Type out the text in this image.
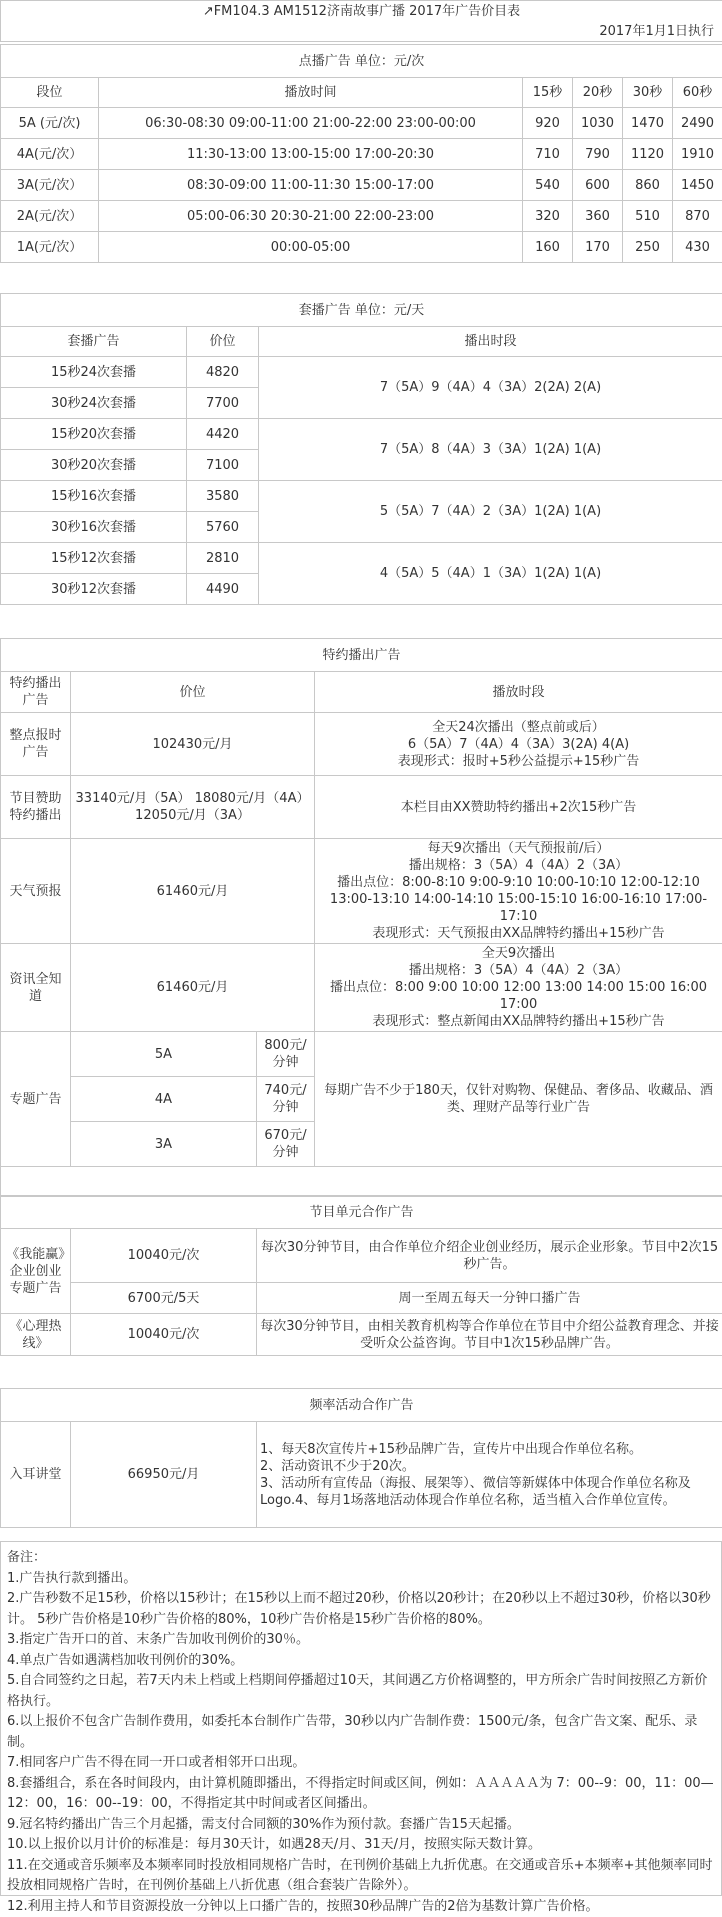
↗FM104.3 AM1512济南故事广播 2017年广告价目表
2017年1月1日执行
点播广告 单位：元/次					
段位	播放时间	15秒	20秒	30秒	60秒
5A (元/次)	06:30-08:30 09:00-11:00 21:00-22:00 23:00-00:00	920	1030	1470	2490
4A(元/次）	11:30-13:00 13:00-15:00 17:00-20:30	710	790	1120	1910
3A(元/次）	08:30-09:00 11:00-11:30 15:00-17:00	540	600	860	1450
2A(元/次）	05:00-06:30 20:30-21:00 22:00-23:00	320	360	510	870
1A(元/次）	00:00-05:00	160	170	250	430
套播广告 单位：元/天		
套播广告	价位	播出时段
15秒24次套播	4820	7（5A）9（4A）4（3A）2(2A) 2(A)
30秒24次套播	7700	
15秒20次套播	4420	7（5A）8（4A）3（3A）1(2A) 1(A)
30秒20次套播	7100	
15秒16次套播	3580	5（5A）7（4A）2（3A）1(2A) 1(A)
30秒16次套播	5760	
15秒12次套播	2810	4（5A）5（4A）1（3A）1(2A) 1(A)
30秒12次套播	4490	
特约播出广告			
特约播出广告	价位		播放时段
整点报时广告	102430元/月		全天24次播出（整点前或后）
6（5A）7（4A）4（3A）3(2A) 4(A)
表现形式：报时+5秒公益提示+15秒广告

节目赞助特约播出	33140元/月（5A） 18080元/月（4A）12050元/月（3A）		本栏目由XX赞助特约播出+2次15秒广告
天气预报	61460元/月		每天9次播出（天气预报前/后）
播出规格：3（5A）4（4A）2（3A）
播出点位：8:00-8:10 9:00-9:10 10:00-10:10 12:00-12:10 13:00-13:10 14:00-14:10 15:00-15:10 16:00-16:10 17:00-17:10
表现形式：天气预报由XX品牌特约播出+15秒广告

资讯全知道	61460元/月		全天9次播出
播出规格：3（5A）4（4A）2（3A）
播出点位：8:00 9:00 10:00 12:00 13:00 14:00 15:00 16:00 17:00
表现形式：整点新闻由XX品牌特约播出+15秒广告

专题广告	5A	800元/分钟	每期广告不少于180天，仅针对购物、保健品、奢侈品、收藏品、酒类、理财产品等行业广告
	4A	740元/分钟	
	3A	670元/分钟	

节目单元合作广告		
《我能赢》企业创业专题广告	10040元/次	每次30分钟节目，由合作单位介绍企业创业经历，展示企业形象。节目中2次15秒广告。
	6700元/5天	周一至周五每天一分钟口播广告
《心理热线》	10040元/次	每次30分钟节目，由相关教育机构等合作单位在节目中介绍公益教育理念、并接受听众公益咨询。节目中1次15秒品牌广告。
频率活动合作广告
入耳讲堂	66950元/月	1、每天8次宣传片+15秒品牌广告，宣传片中出现合作单位名称。
2、活动资讯不少于20次。
3、活动所有宣传品（海报、展架等）、微信等新媒体中体现合作单位名称及Logo.4、每月1场落地活动体现合作单位名称，适当植入合作单位宣传。
备注：
1.广告执行款到播出。
2.广告秒数不足15秒，价格以15秒计；在15秒以上而不超过20秒，价格以20秒计；在20秒以上不超过30秒，价格以30秒计。 5秒广告价格是10秒广告价格的80%，10秒广告价格是15秒广告价格的80%。
3.指定广告开口的首、末条广告加收刊例价的30％。
4.单点广告如遇满档加收刊例价的30%。
5.自合同签约之日起，若7天内未上档或上档期间停播超过10天，其间遇乙方价格调整的，甲方所余广告时间按照乙方新价格执行。
6.以上报价不包含广告制作费用，如委托本台制作广告带，30秒以内广告制作费：1500元/条，包含广告文案、配乐、录制。
7.相同客户广告不得在同一开口或者相邻开口出现。
8.套播组合，系在各时间段内，由计算机随即播出，不得指定时间或区间，例如：ＡＡＡＡＡ为 7：00--9：00，11：00—12：00，16：00--19：00，不得指定其中时间或者区间播出。
9.冠名特约播出广告三个月起播，需支付合同额的30%作为预付款。套播广告15天起播。
10.以上报价以月计价的标准是：每月30天计，如遇28天/月、31天/月，按照实际天数计算。
11.在交通或音乐频率及本频率同时投放相同规格广告时，在刊例价基础上九折优惠。在交通或音乐+本频率+其他频率同时投放相同规格广告时，在刊例价基础上八折优惠（组合套装广告除外）。
12.利用主持人和节目资源投放一分钟以上口播广告的，按照30秒品牌广告的2倍为基数计算广告价格。
